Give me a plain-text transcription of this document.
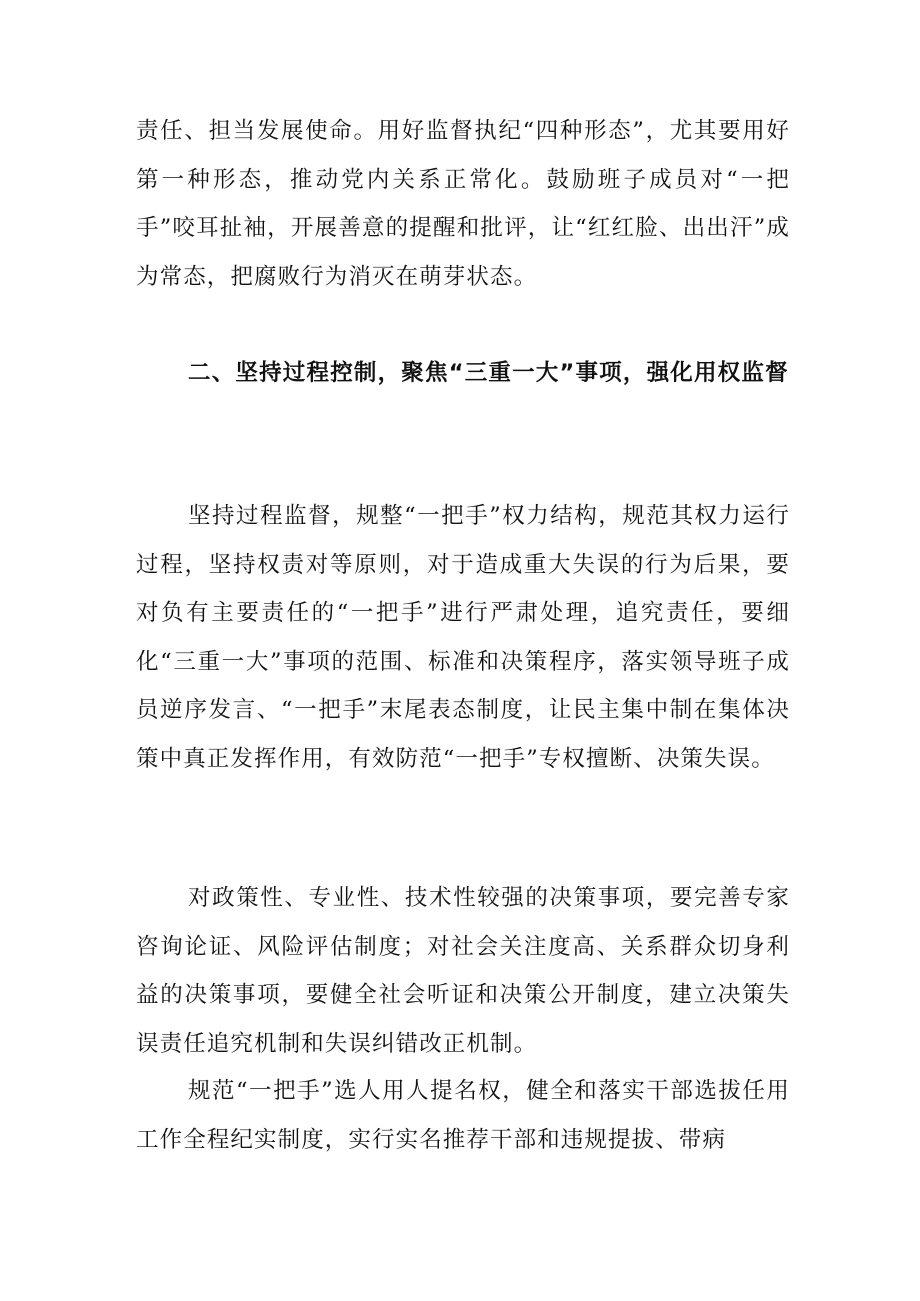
责任、担当发展使命。用好监督执纪“四种形态”，尤其要用好第一种形态，推动党内关系正常化。鼓励班子成员对“一把手”咬耳扯袖，开展善意的提醒和批评，让“红红脸、出出汗”成为常态，把腐败行为消灭在萌芽状态。

二、坚持过程控制，聚焦“三重一大”事项，强化用权监督

坚持过程监督，规整“一把手”权力结构，规范其权力运行过程，坚持权责对等原则，对于造成重大失误的行为后果，要对负有主要责任的“一把手”进行严肃处理，追究责任，要细化“三重一大”事项的范围、标准和决策程序，落实领导班子成员逆序发言、“一把手”末尾表态制度，让民主集中制在集体决策中真正发挥作用，有效防范“一把手”专权擅断、决策失误。

对政策性、专业性、技术性较强的决策事项，要完善专家咨询论证、风险评估制度；对社会关注度高、关系群众切身利益的决策事项，要健全社会听证和决策公开制度，建立决策失误责任追究机制和失误纠错改正机制。

规范“一把手”选人用人提名权，健全和落实干部选拔任用工作全程纪实制度，实行实名推荐干部和违规提拔、带病
